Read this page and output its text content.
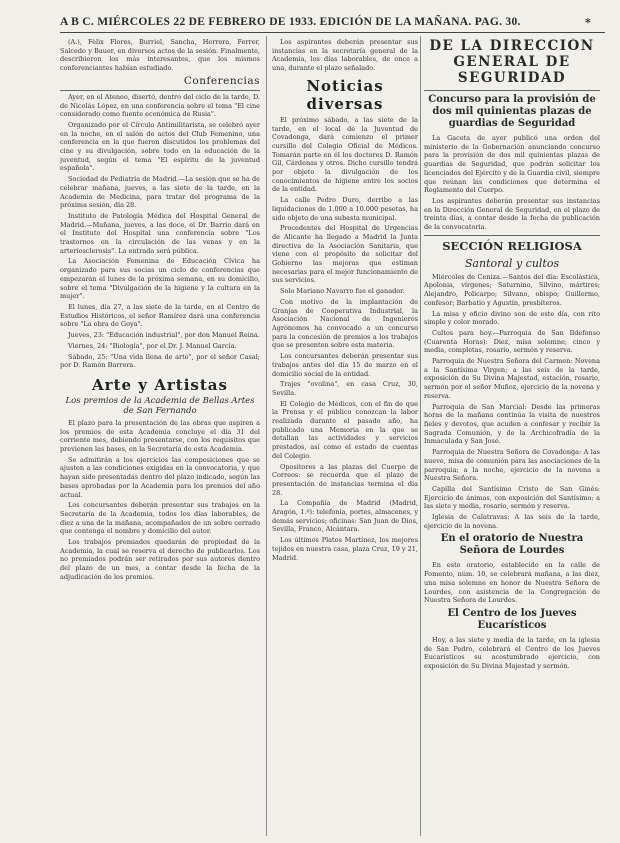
A B C. MIÉRCOLES 22 DE FEBRERO DE 1933. EDICIÓN DE LA MAÑANA. PAG. 30.	*

(A.), Fèlix Flores, Burriel, Sancha, Herrera, Ferrer, Salcedo y Bauer, en diversos actos de la sesión. Finalmente, describieron los más interesantes, que los mismos conferenciantes habían estudiado.

Conferencias

Ayer, en el Ateneo, disertó, dentro del ciclo de la tarde, D. de Nicolás López, en una conferencia sobre el tema "El cine considerado como fuente económica de Rusia".

Organizado por el Círculo Antimilitarista, se celebró ayer en la noche, en el salón de actos del Club Femenino, una conferencia en la que fueron discutidos los problemas del cine y su divulgación, sobre todo en la educación de la juventud, según el tema "El espíritu de la juventud española".

Sociedad de Pediatría de Madrid.—La sesión que se ha de celebrar mañana, jueves, a las siete de la tarde, en la Academia de Medicina, para tratar del programa de la próxima sesión, día 28.

Instituto de Patología Médica del Hospital General de Madrid.—Mañana, jueves, a las doce, el Dr. Barrio dará en el Instituto del Hospital una conferencia sobre "Los trastornos en la circulación de las venas y en la arteriosclerosis". La entrada será pública.

La Asociación Femenina de Educación Cívica ha organizado para sus socias un ciclo de conferencias que empezarán el lunes de la próxima semana, en su domicilio, sobre el tema "Divulgación de la higiene y la cultura en la mujer".

El lunes, día 27, a las siete de la tarde, en el Centro de Estudios Históricos, el señor Ramírez dará una conferencia sobre "La obra de Goya".

Jueves, 23: "Educación industrial", por don Manuel Reina.

Viernes, 24: "Biología", por el Dr. J. Manuel García.

Sábado, 25: "Una vida llena de arte", por el señor Casal; por D. Ramón Barrera.

Arte y Artistas
Los premios de la Academia de Bellas Artes de San Fernando

El plazo para la presentación de las obras que aspiren a los premios de esta Academia concluye el día 31 del corriente mes, debiendo presentarse, con los requisitos que previenen las bases, en la Secretaría de esta Academia.

Se admitirán a los ejercicios las composiciones que se ajusten a las condiciones exigidas en la convocatoria, y que hayan sido presentadas dentro del plazo indicado, según las bases aprobadas por la Academia para los premios del año actual.

Los concursantes deberán presentar sus trabajos en la Secretaría de la Academia, todos los días laborables, de diez a una de la mañana, acompañados de un sobre cerrado que contenga el nombre y domicilio del autor.

Los trabajos premiados quedarán de propiedad de la Academia, la cual se reserva el derecho de publicarlos. Los no premiados podrán ser retirados por sus autores dentro del plazo de un mes, a contar desde la fecha de la adjudicación de los premios.

Los aspirantes deberán presentar sus instancias en la secretaría general de la Academia, los días laborables, de once a una, durante el plazo señalado.

Noticias diversas

El próximo sábado, a las siete de la tarde, en el local de la Juventud de Covadonga, dará comienzo el primer cursillo del Colegio Oficial de Médicos. Tomarán parte en él los doctores D. Ramón Gil, Cárdenas y otros. Dicho cursillo tendrá por objeto la divulgación de los conocimientos de higiene entre los socios de la entidad.

La calle Pedro Duro, derribo a las liquidaciones de 1.000 a 10.000 pesetas, ha sido objeto de una subasta municipal.

Procedentes del Hospital de Urgencias de Alicante ha llegado a Madrid la Junta directiva de la Asociación Sanitaria, que viene con el propósito de solicitar del Gobierno las mejoras que estiman necesarias para el mejor funcionamiento de sus servicios.

Solo Mariano Navarro fue el ganador.

Con motivo de la implantación de Granjas de Cooperativa Industrial, la Asociación Nacional de Ingenieros Agrónomos ha convocado a un concurso para la concesión de premios a los trabajos que se presenten sobre esta materia.

Los concursantes deberán presentar sus trabajos antes del día 15 de marzo en el domicilio social de la entidad.

Trajes "ovolina", en casa Cruz, 30, Sevilla.

El Colegio de Médicos, con el fin de que la Prensa y el público conozcan la labor realizada durante el pasado año, ha publicado una Memoria en la que se detallan las actividades y servicios prestados, así como el estado de cuentas del Colegio.

Opositores a las plazas del Cuerpo de Correos: se recuerda que el plazo de presentación de instancias termina el día 28.

La Compañía de Madrid (Madrid, Aragón, 1.º): telefonía, portes, almacenes, y demás servicios; oficinas: San Juan de Dios, Sevilla, Franco, Alcántara.

Los últimos Platos Martínez, los mejores tejidos en nuestra casa, plaza Cruz, 19 y 21, Madrid.

DE LA DIRECCIÓN GENERAL DE SEGURIDAD
Concurso para la provisión de dos mil quinientas plazas de guardias de Seguridad

La Gaceta de ayer publicó una orden del ministerio de la Gobernación anunciando concurso para la provisión de dos mil quinientas plazas de guardias de Seguridad, que podrán solicitar los licenciados del Ejército y de la Guardia civil, siempre que reúnan las condiciones que determina el Reglamento del Cuerpo.

Los aspirantes deberán presentar sus instancias en la Dirección General de Seguridad, en el plazo de treinta días, a contar desde la fecha de publicación de la convocatoria.

SECCIÓN RELIGIOSA
Santoral y cultos

Miércoles de Ceniza.—Santos del día: Escolástica, Apolonia, vírgenes; Saturnino, Silvino, mártires; Alejandro, Policarpo; Silvano, obispo; Guillermo, confesor; Barbatio y Agustín, presbíteros.

La misa y oficio divino son de este día, con rito simple y color morado.

Cultos para hoy.—Parroquia de San Ildefonso (Cuarenta Horas): Diez, misa solemne; cinco y media, completas, rosario, sermón y reserva.

Parroquia de Nuestra Señora del Carmen: Novena a la Santísima Virgen; a las seis de la tarde, exposición de Su Divina Majestad, estación, rosario, sermón por el señor Muñoz, ejercicio de la novena y reserva.

Parroquia de San Marcial: Desde las primeras horas de la mañana continúa la visita de nuestros fieles y devotos, que acuden a confesar y recibir la Sagrada Comunión, y de la Archicofradía de la Inmaculada y San José.

Parroquia de Nuestra Señora de Covadonga: A las nueve, misa de comunión para las asociaciones de la parroquia; a la noche, ejercicio de la novena a Nuestra Señora.

Capilla del Santísimo Cristo de San Ginés: Ejercicio de ánimas, con exposición del Santísimo; a las siete y media, rosario, sermón y reserva.

Iglesia de Calatravas: A las seis de la tarde, ejercicio de la novena.

En el oratorio de Nuestra Señora de Lourdes

En este oratorio, establecido en la calle de Fomento, núm. 10, se celebrará mañana, a las diez, una misa solemne en honor de Nuestra Señora de Lourdes, con asistencia de la Congregación de Nuestra Señora de Lourdes.

El Centro de los Jueves Eucarísticos

Hoy, a las siete y media de la tarde, en la iglesia de San Pedro, celebrará el Centro de los Jueves Eucarísticos su acostumbrado ejercicio, con exposición de Su Divina Majestad y sermón.
